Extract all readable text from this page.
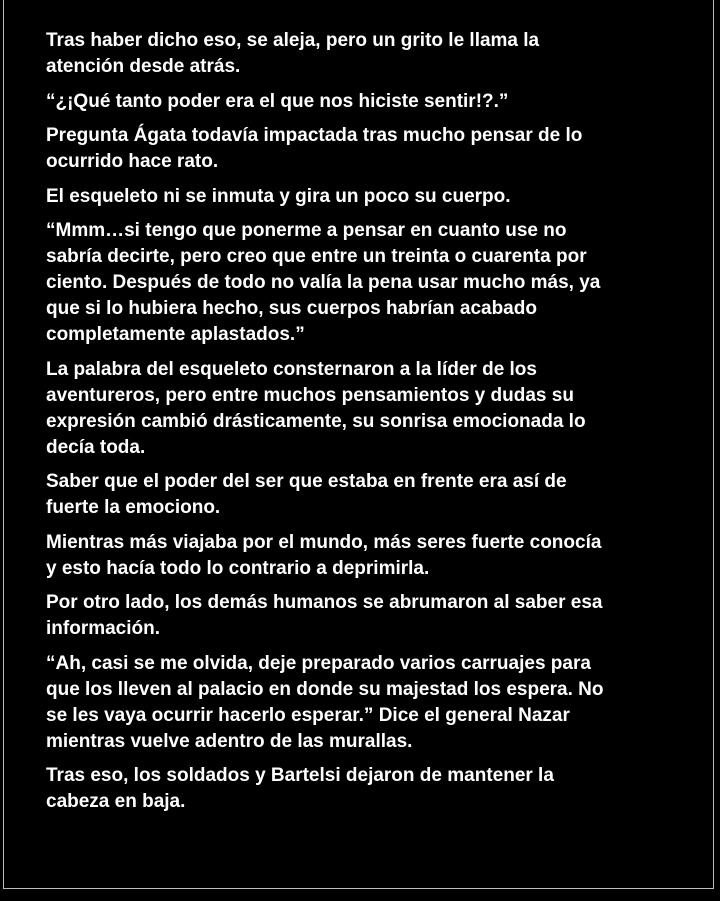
Tras haber dicho eso, se aleja, pero un grito le llama la
atención desde atrás.

“¿¡Qué tanto poder era el que nos hiciste sentir!?.”

Pregunta Ágata todavía impactada tras mucho pensar de lo
ocurrido hace rato.

El esqueleto ni se inmuta y gira un poco su cuerpo.

“Mmm…si tengo que ponerme a pensar en cuanto use no
sabría decirte, pero creo que entre un treinta o cuarenta por
ciento. Después de todo no valía la pena usar mucho más, ya
que si lo hubiera hecho, sus cuerpos habrían acabado
completamente aplastados.”

La palabra del esqueleto consternaron a la líder de los
aventureros, pero entre muchos pensamientos y dudas su
expresión cambió drásticamente, su sonrisa emocionada lo
decía toda.

Saber que el poder del ser que estaba en frente era así de
fuerte la emociono.

Mientras más viajaba por el mundo, más seres fuerte conocía
y esto hacía todo lo contrario a deprimirla.

Por otro lado, los demás humanos se abrumaron al saber esa
información.

“Ah, casi se me olvida, deje preparado varios carruajes para
que los lleven al palacio en donde su majestad los espera. No
se les vaya ocurrir hacerlo esperar.” Dice el general Nazar
mientras vuelve adentro de las murallas.

Tras eso, los soldados y Bartelsi dejaron de mantener la
cabeza en baja.
